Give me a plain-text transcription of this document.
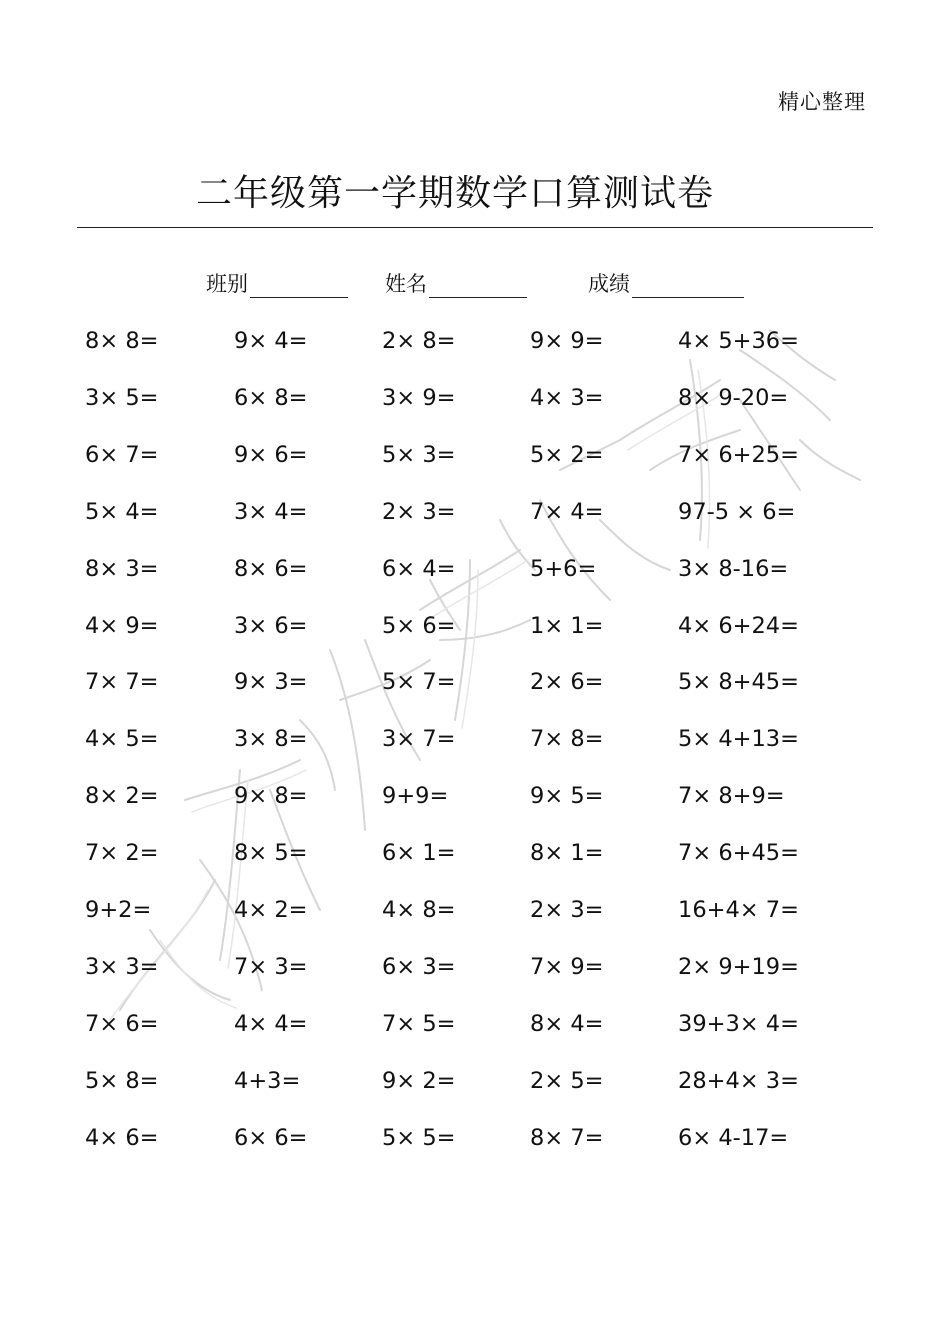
精心整理
二年级第一学期数学口算测试卷
班别	姓名	成绩
8× 8=	9× 4=	2× 8=	9× 9=	4× 5+36=
3× 5=	6× 8=	3× 9=	4× 3=	8× 9-20=
6× 7=	9× 6=	5× 3=	5× 2=	7× 6+25=
5× 4=	3× 4=	2× 3=	7× 4=	97-5 × 6=
8× 3=	8× 6=	6× 4=	5+6=	3× 8-16=
4× 9=	3× 6=	5× 6=	1× 1=	4× 6+24=
7× 7=	9× 3=	5× 7=	2× 6=	5× 8+45=
4× 5=	3× 8=	3× 7=	7× 8=	5× 4+13=
8× 2=	9× 8=	9+9=	9× 5=	7× 8+9=
7× 2=	8× 5=	6× 1=	8× 1=	7× 6+45=
9+2=	4× 2=	4× 8=	2× 3=	16+4× 7=
3× 3=	7× 3=	6× 3=	7× 9=	2× 9+19=
7× 6=	4× 4=	7× 5=	8× 4=	39+3× 4=
5× 8=	4+3=	9× 2=	2× 5=	28+4× 3=
4× 6=	6× 6=	5× 5=	8× 7=	6× 4-17=
